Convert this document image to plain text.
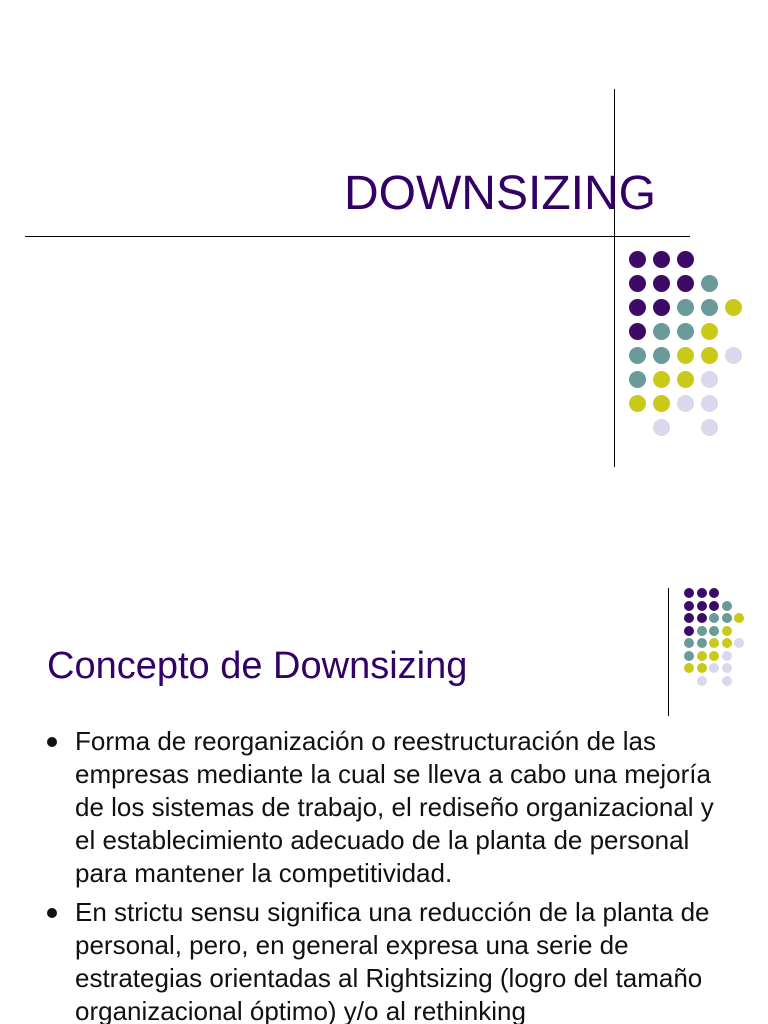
DOWNSIZING
Concepto de Downsizing
Forma de reorganización o reestructuración de las empresas mediante la cual se lleva a cabo una mejoría de los sistemas de trabajo, el rediseño organizacional y el establecimiento adecuado de la planta de personal para mantener la competitividad.
En strictu sensu significa una reducción de la planta de personal, pero, en general expresa una serie de estrategias orientadas al Rightsizing (logro del tamaño organizacional óptimo) y/o al rethinking
